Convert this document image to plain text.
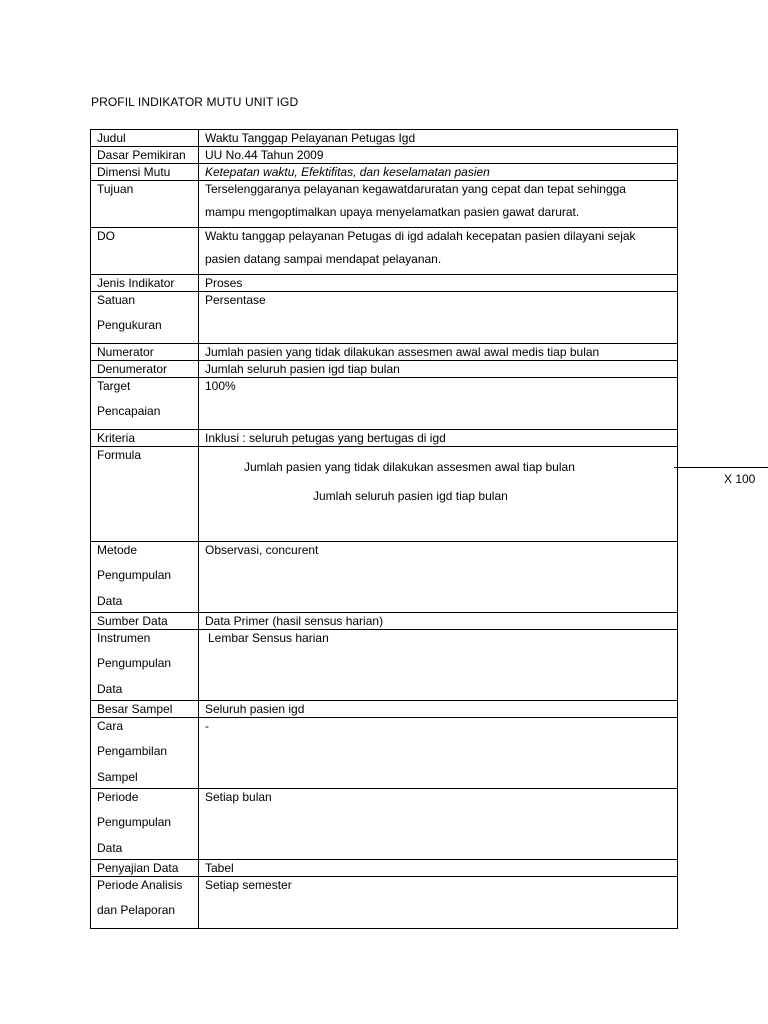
PROFIL INDIKATOR MUTU UNIT IGD
Judul	Waktu Tanggap Pelayanan Petugas Igd
Dasar Pemikiran	UU No.44 Tahun 2009
Dimensi Mutu	Ketepatan waktu, Efektifitas, dan keselamatan pasien
Tujuan	Terselenggaranya pelayanan kegawatdaruratan yang cepat dan tepat sehingga
mampu mengoptimalkan upaya menyelamatkan pasien gawat darurat.

DO	Waktu tanggap pelayanan Petugas di igd adalah kecepatan pasien dilayani sejak
pasien datang sampai mendapat pelayanan.

Jenis Indikator	Proses

Satuan
Pengukuran	Persentase
Numerator	Jumlah pasien yang tidak dilakukan assesmen awal awal medis tiap bulan
Denumerator	Jumlah seluruh pasien igd tiap bulan

Target
Pencapaian	100%
Kriteria	Inklusi : seluruh petugas yang bertugas di igd
Formula	Jumlah pasien yang tidak dilakukan assesmen awal tiap bulan
Jumlah seluruh pasien igd tiap bulan

Metode
Pengumpulan
Data	Observasi, concurent
Sumber Data	Data Primer (hasil sensus harian)

Instrumen
Pengumpulan
Data	Lembar Sensus harian
Besar Sampel	Seluruh pasien igd

Cara
Pengambilan
Sampel	-

Periode
Pengumpulan
Data	Setiap bulan
Penyajian Data	Tabel

Periode Analisis
dan Pelaporan	Setiap semester
X 100
